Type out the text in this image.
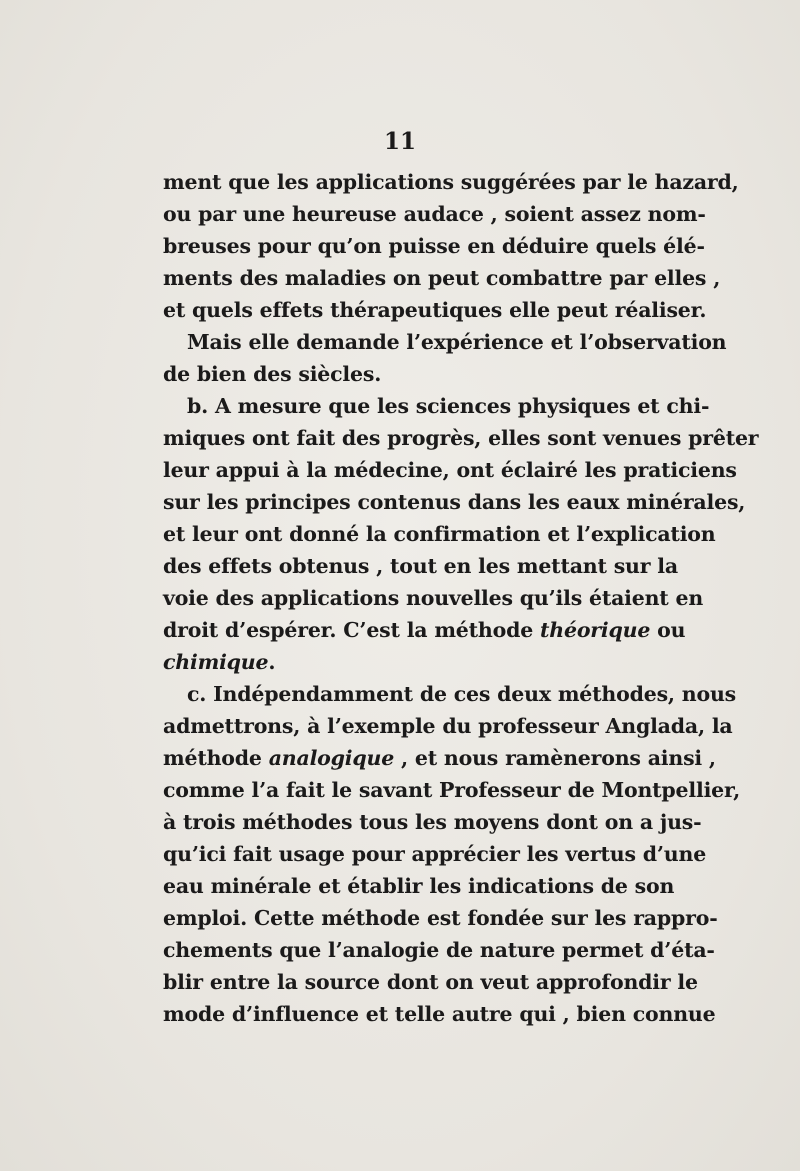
11
ment que les applications suggérées par le hazard,
ou par une heureuse audace , soient assez nom-
breuses pour qu’on puisse en déduire quels élé-
ments des maladies on peut combattre par elles ,
et quels effets thérapeutiques elle peut réaliser.
Mais elle demande l’expérience et l’observation
de bien des siècles.
b. A mesure que les sciences physiques et chi-
miques ont fait des progrès, elles sont venues prêter
leur appui à la médecine, ont éclairé les praticiens
sur les principes contenus dans les eaux minérales,
et leur ont donné la confirmation et l’explication
des effets obtenus , tout en les mettant sur la
voie des applications nouvelles qu’ils étaient en
droit d’espérer. C’est la méthode théorique ou
chimique.
c. Indépendamment de ces deux méthodes, nous
admettrons, à l’exemple du professeur Anglada, la
méthode analogique , et nous ramènerons ainsi ,
comme l’a fait le savant Professeur de Montpellier,
à trois méthodes tous les moyens dont on a jus-
qu’ici fait usage pour apprécier les vertus d’une
eau minérale et établir les indications de son
emploi. Cette méthode est fondée sur les rappro-
chements que l’analogie de nature permet d’éta-
blir entre la source dont on veut approfondir le
mode d’influence et telle autre qui , bien connue
